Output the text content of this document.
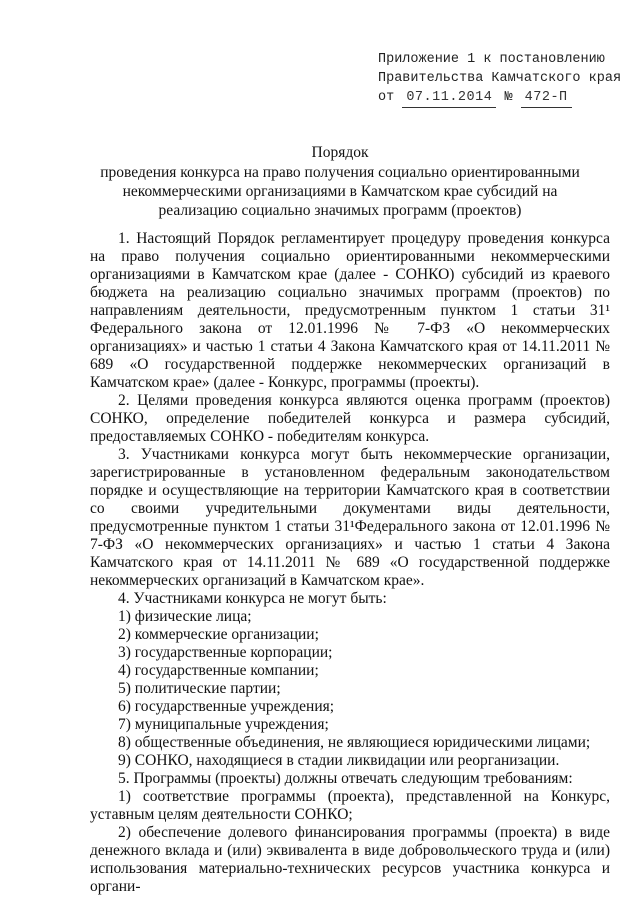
Приложение 1 к постановлению
Правительства Камчатского края
от 07.11.2014 № 472-П
Порядок
проведения конкурса на право получения социально ориентированными некоммерческими организациями в Камчатском крае субсидий на реализацию социально значимых программ (проектов)

1. Настоящий Порядок регламентирует процедуру проведения конкурса на право получения социально ориентированными некоммерческими организациями в Камчатском крае (далее - СОНКО) субсидий из краевого бюджета на реализацию социально значимых программ (проектов) по направлениям деятельности, предусмотренным пунктом 1 статьи 31¹ Федерального закона от 12.01.1996 № 7-ФЗ «О некоммерческих организациях» и частью 1 статьи 4 Закона Камчатского края от 14.11.2011 № 689 «О государственной поддержке некоммерческих организаций в Камчатском крае» (далее - Конкурс, программы (проекты).

2. Целями проведения конкурса являются оценка программ (проектов) СОНКО, определение победителей конкурса и размера субсидий, предоставляемых СОНКО - победителям конкурса.

3. Участниками конкурса могут быть некоммерческие организации, зарегистрированные в установленном федеральным законодательством порядке и осуществляющие на территории Камчатского края в соответствии со своими учредительными документами виды деятельности, предусмотренные пунктом 1 статьи 31¹Федерального закона от 12.01.1996 № 7-ФЗ «О некоммерческих организациях» и частью 1 статьи 4 Закона Камчатского края от 14.11.2011 № 689 «О государственной поддержке некоммерческих организаций в Камчатском крае».

4. Участниками конкурса не могут быть:

1) физические лица;

2) коммерческие организации;

3) государственные корпорации;

4) государственные компании;

5) политические партии;

6) государственные учреждения;

7) муниципальные учреждения;

8) общественные объединения, не являющиеся юридическими лицами;

9) СОНКО, находящиеся в стадии ликвидации или реорганизации.

5. Программы (проекты) должны отвечать следующим требованиям:

1) соответствие программы (проекта), представленной на Конкурс, уставным целям деятельности СОНКО;

2) обеспечение долевого финансирования программы (проекта) в виде денежного вклада и (или) эквивалента в виде добровольческого труда и (или) использования материально-технических ресурсов участника конкурса и органи-
